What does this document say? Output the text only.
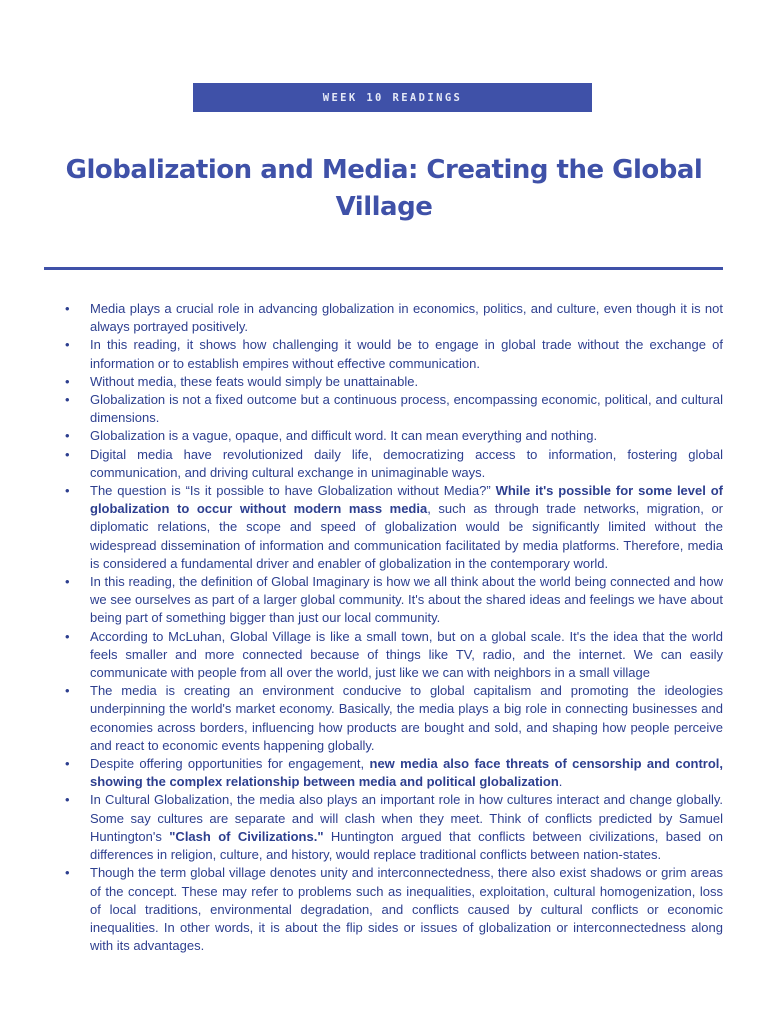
WEEK 10 READINGS
Globalization and Media: Creating the Global Village
• Media plays a crucial role in advancing globalization in economics, politics, and culture, even though it is not always portrayed positively.
• In this reading, it shows how challenging it would be to engage in global trade without the exchange of information or to establish empires without effective communication.
• Without media, these feats would simply be unattainable.
• Globalization is not a fixed outcome but a continuous process, encompassing economic, political, and cultural dimensions.
• Globalization is a vague, opaque, and difficult word. It can mean everything and nothing.
• Digital media have revolutionized daily life, democratizing access to information, fostering global communication, and driving cultural exchange in unimaginable ways.
• The question is “Is it possible to have Globalization without Media?” While it's possible for some level of globalization to occur without modern mass media, such as through trade networks, migration, or diplomatic relations, the scope and speed of globalization would be significantly limited without the widespread dissemination of information and communication facilitated by media platforms. Therefore, media is considered a fundamental driver and enabler of globalization in the contemporary world.
• In this reading, the definition of Global Imaginary is how we all think about the world being connected and how we see ourselves as part of a larger global community. It's about the shared ideas and feelings we have about being part of something bigger than just our local community.
• According to McLuhan, Global Village is like a small town, but on a global scale. It's the idea that the world feels smaller and more connected because of things like TV, radio, and the internet. We can easily communicate with people from all over the world, just like we can with neighbors in a small village
• The media is creating an environment conducive to global capitalism and promoting the ideologies underpinning the world's market economy. Basically, the media plays a big role in connecting businesses and economies across borders, influencing how products are bought and sold, and shaping how people perceive and react to economic events happening globally.
• Despite offering opportunities for engagement, new media also face threats of censorship and control, showing the complex relationship between media and political globalization.
• In Cultural Globalization, the media also plays an important role in how cultures interact and change globally. Some say cultures are separate and will clash when they meet. Think of conflicts predicted by Samuel Huntington's "Clash of Civilizations." Huntington argued that conflicts between civilizations, based on differences in religion, culture, and history, would replace traditional conflicts between nation-states.
• Though the term global village denotes unity and interconnectedness, there also exist shadows or grim areas of the concept. These may refer to problems such as inequalities, exploitation, cultural homogenization, loss of local traditions, environmental degradation, and conflicts caused by cultural conflicts or economic inequalities. In other words, it is about the flip sides or issues of globalization or interconnectedness along with its advantages.
